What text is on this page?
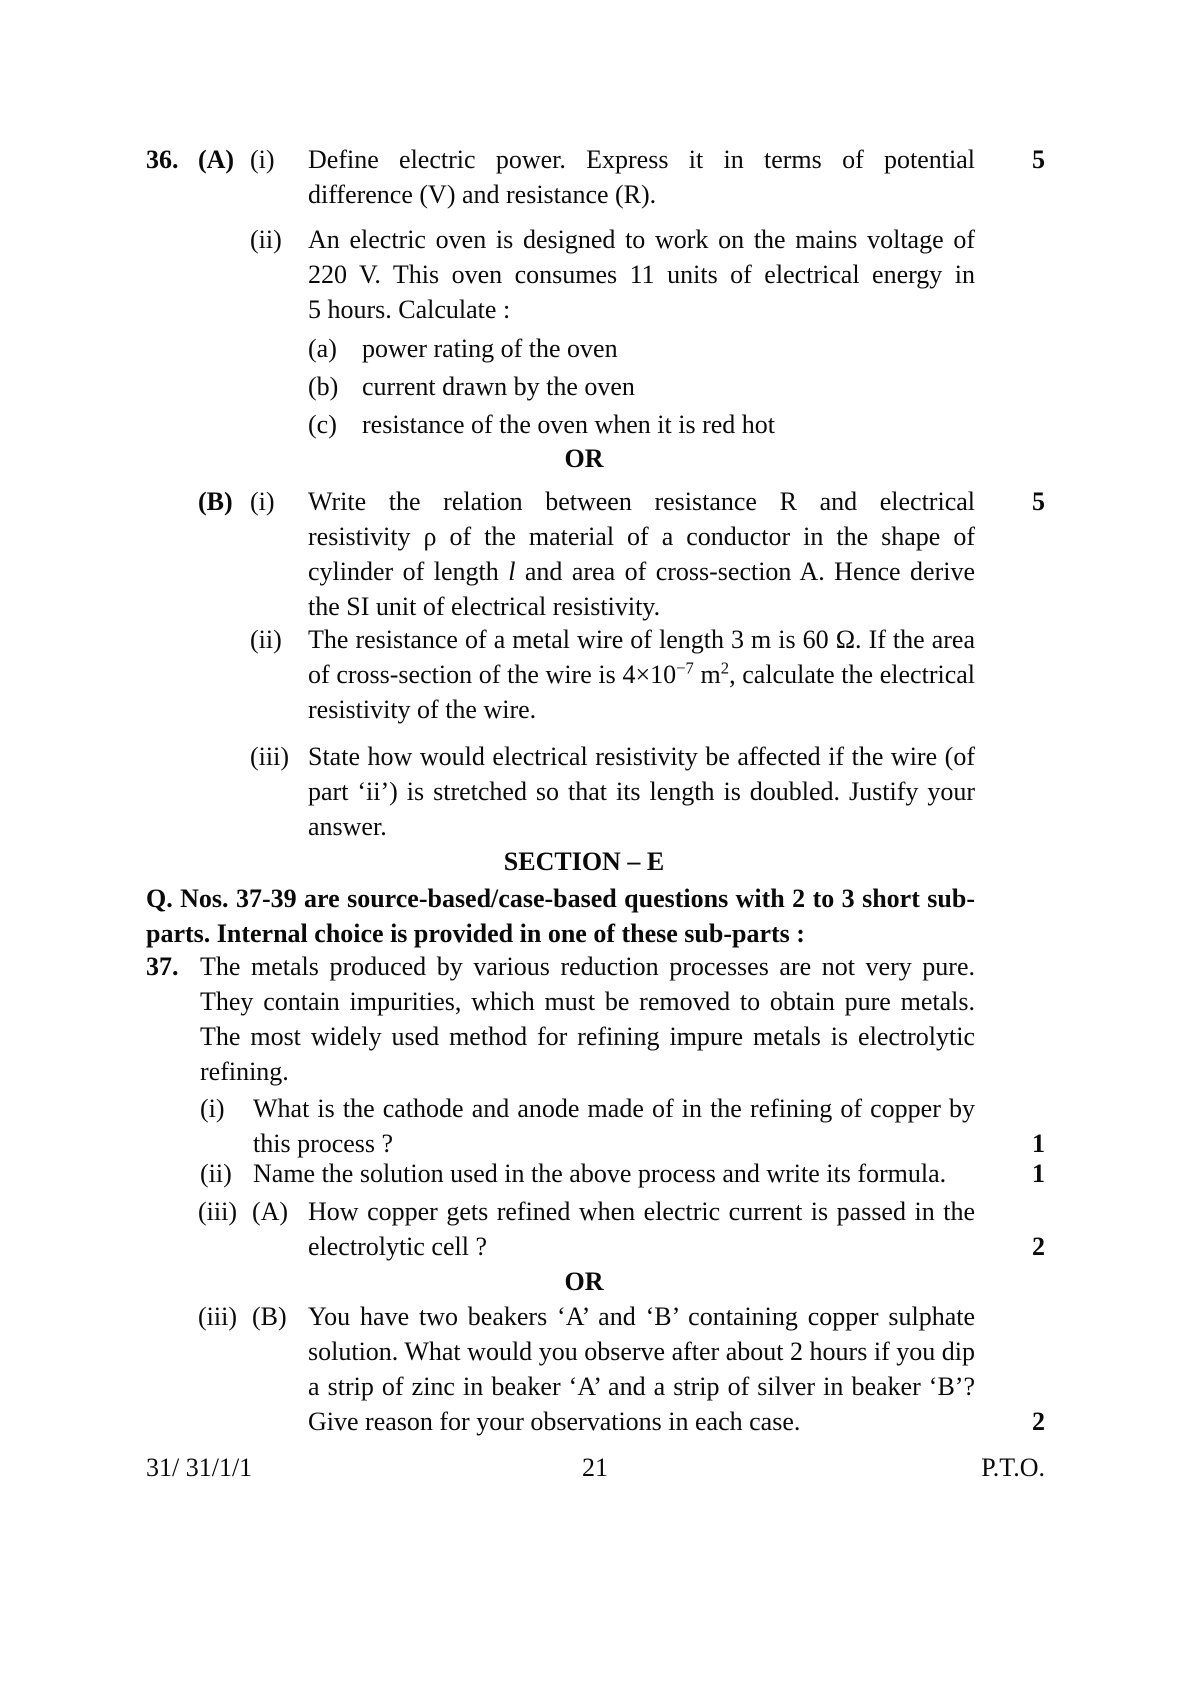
36. (A) (i)	Define electric power. Express it in terms of potential
difference (V) and resistance (R).
5
(ii)	An electric oven is designed to work on the mains voltage of
220 V. This oven consumes 11 units of electrical energy in
5 hours. Calculate :
(a) power rating of the oven
(b) current drawn by the oven
(c) resistance of the oven when it is red hot
OR
(B) (i)	Write the relation between resistance R and electrical
resistivity ρ of the material of a conductor in the shape of
cylinder of length l and area of cross-section A. Hence derive
the SI unit of electrical resistivity.
5
(ii)	The resistance of a metal wire of length 3 m is 60 Ω. If the area
of cross-section of the wire is $4\times 10^{-7}$ $m^2$, calculate the electrical
resistivity of the wire.
(iii) State how would electrical resistivity be affected if the wire (of
part ‘ii’) is stretched so that its length is doubled. Justify your
answer.
SECTION – E
Q. Nos. 37-39 are source-based/case-based questions with 2 to 3 short sub-
parts. Internal choice is provided in one of these sub-parts :
37. The metals produced by various reduction processes are not very pure.
They contain impurities, which must be removed to obtain pure metals.
The most widely used method for refining impure metals is electrolytic
refining.
(i)	What is the cathode and anode made of in the refining of copper by
this process ?	1
(ii) Name the solution used in the above process and write its formula.	1
(iii) (A) How copper gets refined when electric current is passed in the
electrolytic cell ?	2
OR
(iii) (B) You have two beakers ‘A’ and ‘B’ containing copper sulphate
solution. What would you observe after about 2 hours if you dip
a strip of zinc in beaker ‘A’ and a strip of silver in beaker ‘B’?
Give reason for your observations in each case.	2
31/ 31/1/1	21	P.T.O.
